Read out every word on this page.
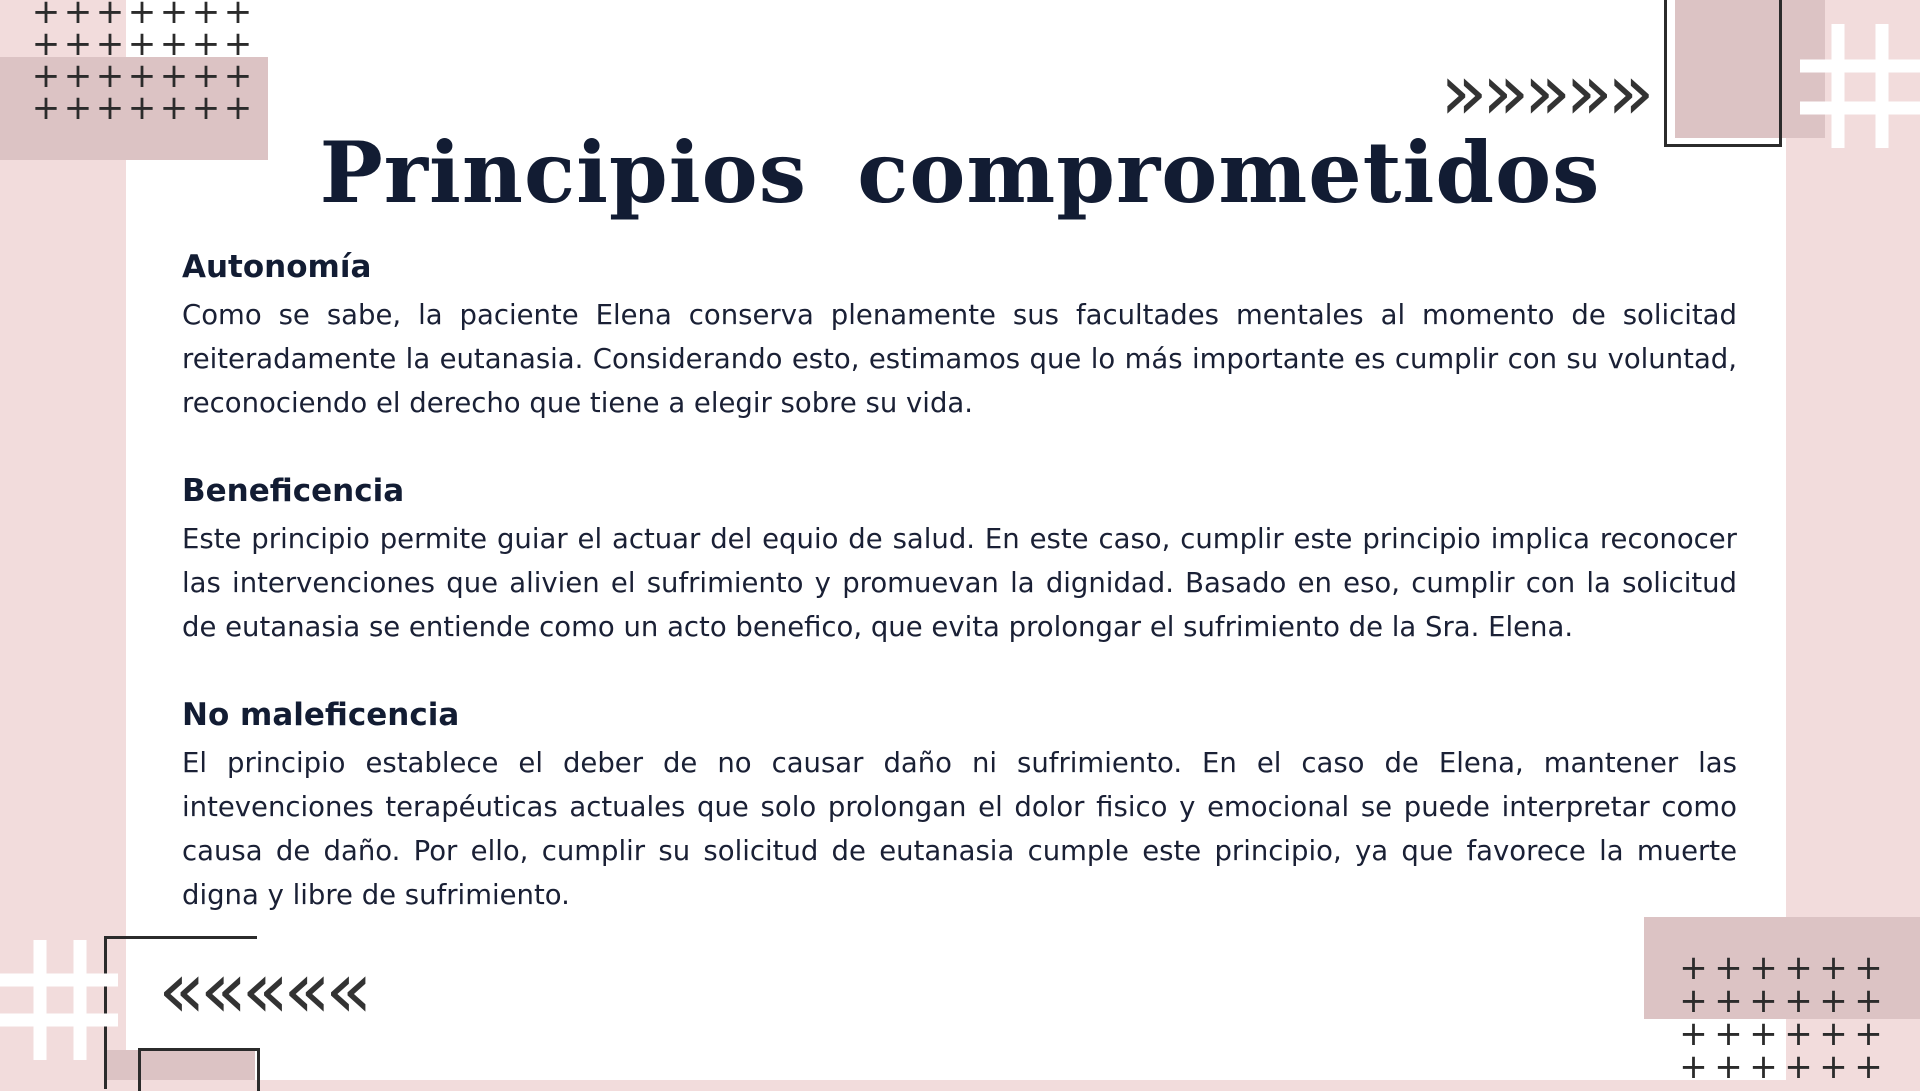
+ + + + + + +
+ + + + + + +
+ + + + + + +
+ + + + + + +	» » » » »
« « « « «	+ + + + + +
+ + + + + +
+ + + + + +
+ + + + + +
Principios comprometidos

Autonomía

Como se sabe, la paciente Elena conserva plenamente sus facultades mentales al momento de solicitad reiteradamente la eutanasia. Considerando esto, estimamos que lo más importante es cumplir con su voluntad, reconociendo el derecho que tiene a elegir sobre su vida.

Beneficencia

Este principio permite guiar el actuar del equio de salud. En este caso, cumplir este principio implica reconocer las intervenciones que alivien el sufrimiento y promuevan la dignidad. Basado en eso, cumplir con la solicitud de eutanasia se entiende como un acto benefico, que evita prolongar el sufrimiento de la Sra. Elena.

No maleficencia

El principio establece el deber de no causar daño ni sufrimiento. En el caso de Elena, mantener las intevenciones terapéuticas actuales que solo prolongan el dolor fisico y emocional se puede interpretar como causa de daño. Por ello, cumplir su solicitud de eutanasia cumple este principio, ya que favorece la muerte digna y libre de sufrimiento.
